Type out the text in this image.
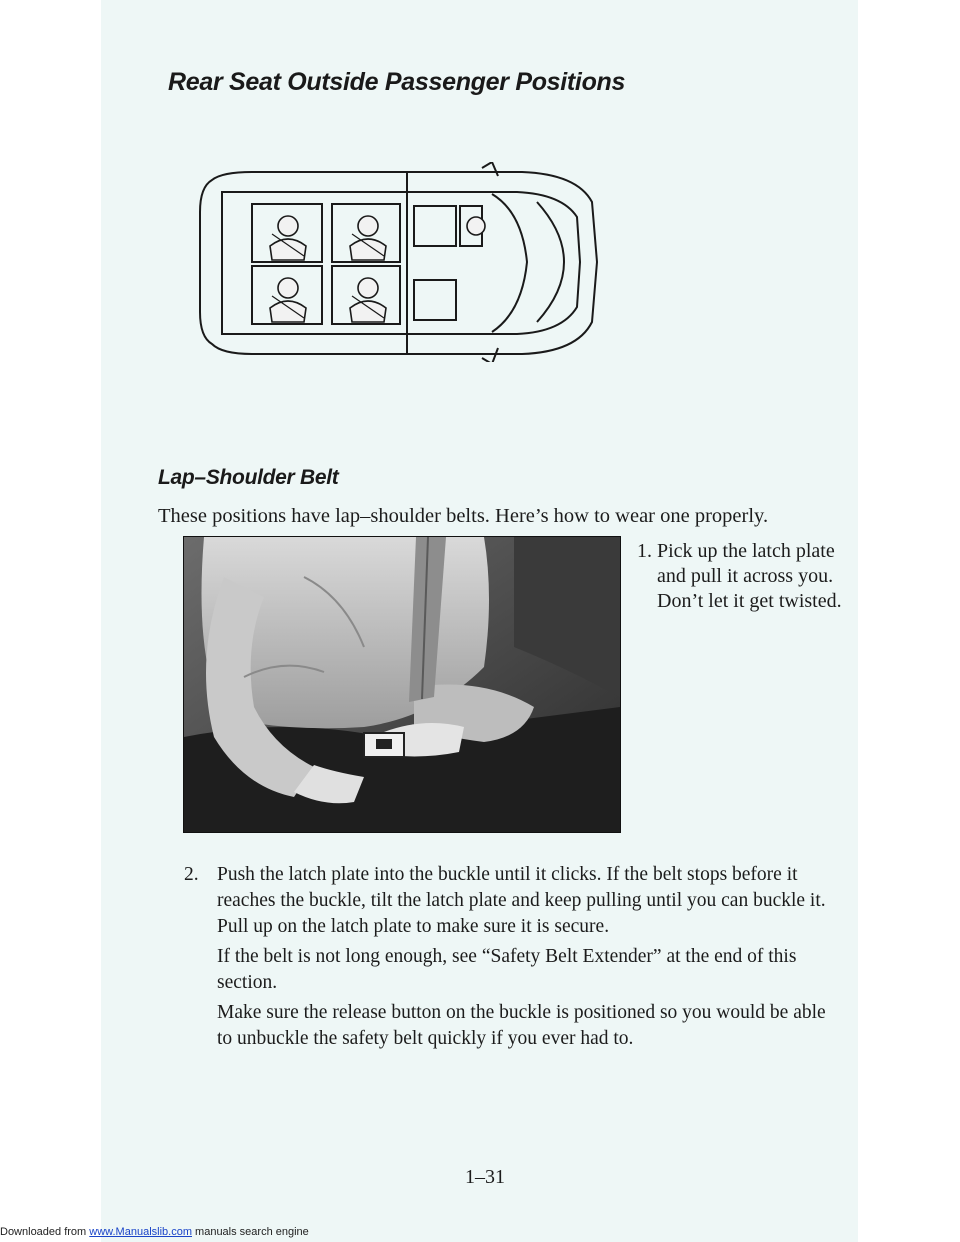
Rear Seat Outside Passenger Positions
Lap–Shoulder Belt

These positions have lap–shoulder belts. Here’s how to wear one properly.

1. Pick up the latch plate and pull it across you. Don’t let it get twisted.

2. Push the latch plate into the buckle until it clicks. If the belt stops before it reaches the buckle, tilt the latch plate and keep pulling until you can buckle it. Pull up on the latch plate to make sure it is secure.

If the belt is not long enough, see “Safety Belt Extender” at the end of this section.

Make sure the release button on the buckle is positioned so you would be able to unbuckle the safety belt quickly if you ever had to.

1–31

Downloaded from www.Manualslib.com manuals search engine
